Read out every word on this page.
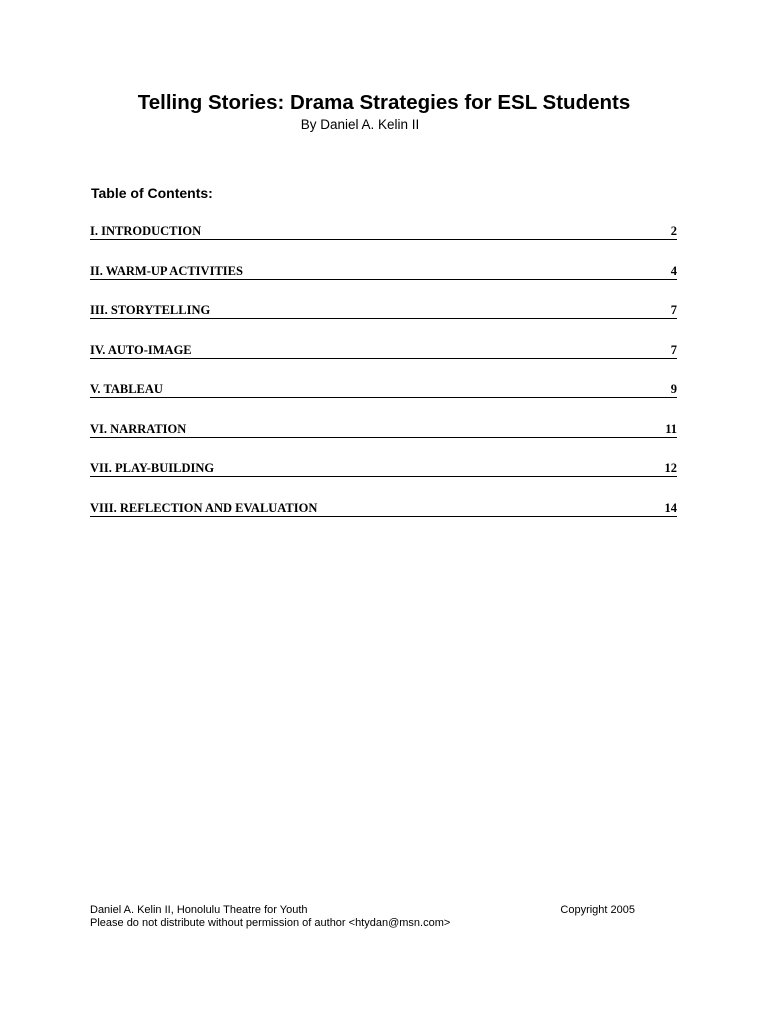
Telling Stories: Drama Strategies for ESL Students
By Daniel A. Kelin II
Table of Contents:
I. INTRODUCTION	2
II. WARM-UP ACTIVITIES	4
III. STORYTELLING	7
IV. AUTO-IMAGE	7
V. TABLEAU	9
VI. NARRATION	11
VII. PLAY-BUILDING	12
VIII. REFLECTION AND EVALUATION	14
Daniel A. Kelin II, Honolulu Theatre for Youth	Copyright 2005
Please do not distribute without permission of author <htydan@msn.com>
